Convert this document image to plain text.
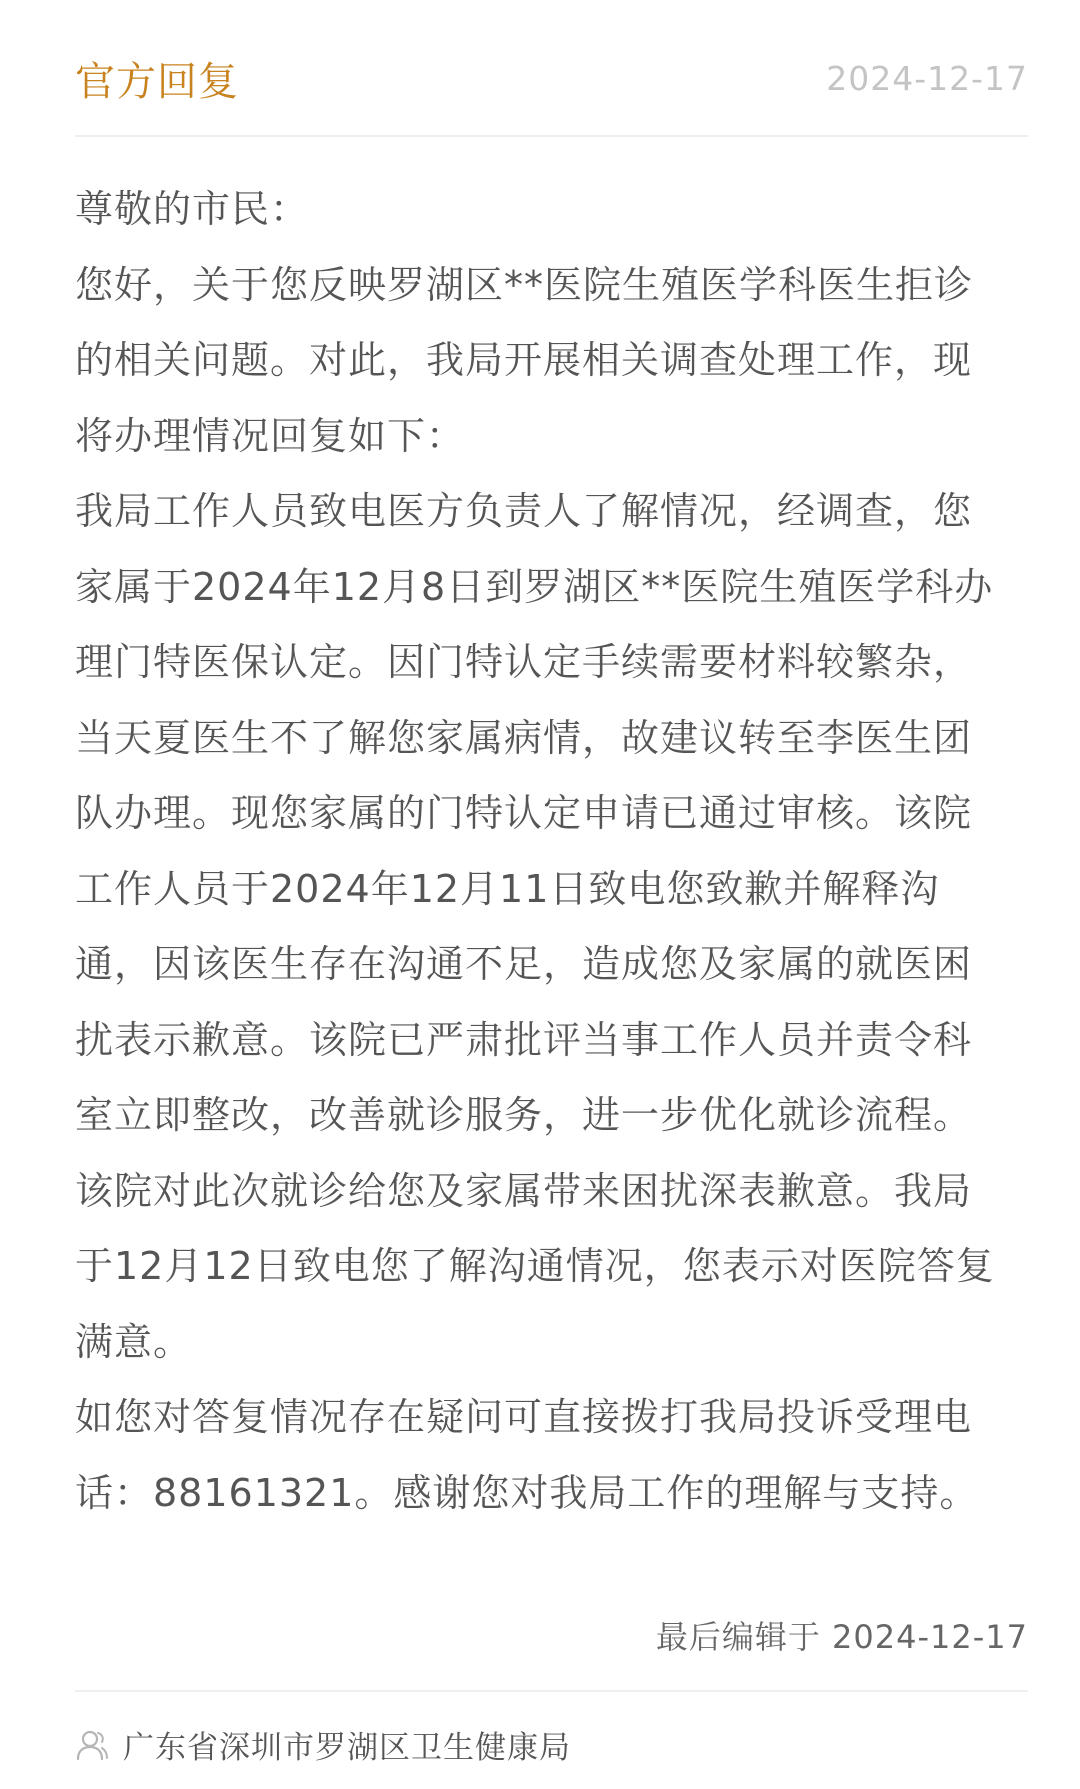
官方回复	2024-12-17

尊敬的市民：

您好，关于您反映罗湖区**医院生殖医学科医生拒诊的相关问题。对此，我局开展相关调查处理工作，现将办理情况回复如下：

我局工作人员致电医方负责人了解情况，经调查，您家属于2024年12月8日到罗湖区**医院生殖医学科办理门特医保认定。因门特认定手续需要材料较繁杂，当天夏医生不了解您家属病情，故建议转至李医生团队办理。现您家属的门特认定申请已通过审核。该院工作人员于2024年12月11日致电您致歉并解释沟通，因该医生存在沟通不足，造成您及家属的就医困扰表示歉意。该院已严肃批评当事工作人员并责令科室立即整改，改善就诊服务，进一步优化就诊流程。该院对此次就诊给您及家属带来困扰深表歉意。我局于12月12日致电您了解沟通情况，您表示对医院答复满意。

如您对答复情况存在疑问可直接拨打我局投诉受理电话：88161321。感谢您对我局工作的理解与支持。

最后编辑于 2024-12-17
广东省深圳市罗湖区卫生健康局
